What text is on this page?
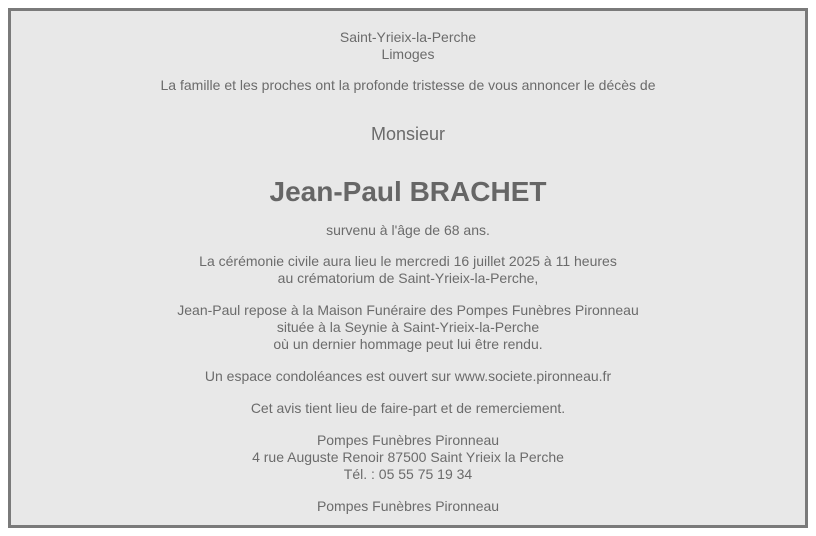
Saint-Yrieix-la-Perche
Limoges
La famille et les proches ont la profonde tristesse de vous annoncer le décès de
Monsieur
Jean-Paul BRACHET
survenu à l'âge de 68 ans.
La cérémonie civile aura lieu le mercredi 16 juillet 2025 à 11 heures
au crématorium de Saint-Yrieix-la-Perche,
Jean-Paul repose à la Maison Funéraire des Pompes Funèbres Pironneau
située à la Seynie à Saint-Yrieix-la-Perche
où un dernier hommage peut lui être rendu.
Un espace condoléances est ouvert sur www.societe.pironneau.fr
Cet avis tient lieu de faire-part et de remerciement.
Pompes Funèbres Pironneau
4 rue Auguste Renoir 87500 Saint Yrieix la Perche
Tél. : 05 55 75 19 34
Pompes Funèbres Pironneau
